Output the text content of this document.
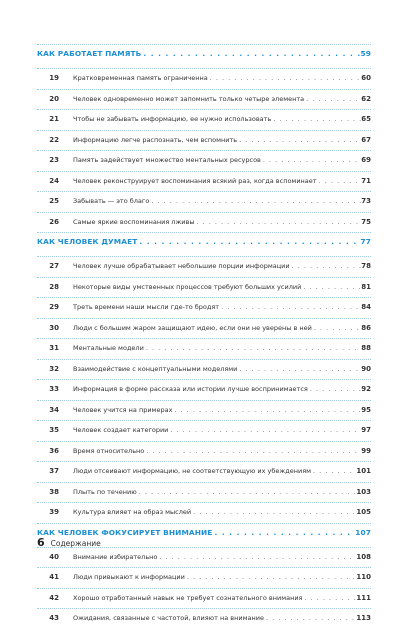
КАК РАБОТАЕТ ПАМЯТЬ . . .	59
19	Кратковременная память ограниченна . . .	60
20	Человек одновременно может запомнить только четыре элемента . . .	62
21	Чтобы не забывать информацию, ее нужно использовать . . .	65
22	Информацию легче распознать, чем вспомнить . . .	67
23	Память задействует множество ментальных ресурсов . . .	69
24	Человек реконструирует воспоминания всякий раз, когда вспоминает . . .	71
25	Забывать — это благо . . .	73
26	Самые яркие воспоминания лживы . . .	75
КАК ЧЕЛОВЕК ДУМАЕТ . . .	77
27	Человек лучше обрабатывает небольшие порции информации . . .	78
28	Некоторые виды умственных процессов требуют больших усилий . . .	81
29	Треть времени наши мысли где-то бродят . . .	84
30	Люди с большим жаром защищают идею, если они не уверены в ней . . .	86
31	Ментальные модели . . .	88
32	Взаимодействие с концептуальными моделями . . .	90
33	Информация в форме рассказа или истории лучше воспринимается . . .	92
34	Человек учится на примерах . . .	95
35	Человек создает категории . . .	97
36	Время относительно . . .	99
37	Люди отсеивают информацию, не соответствующую их убеждениям . . .	101
38	Плыть по течению . . .	103
39	Культура влияет на образ мыслей . . .	105
КАК ЧЕЛОВЕК ФОКУСИРУЕТ ВНИМАНИЕ . . .	107
40	Внимание избирательно . . .	108
41	Люди привыкают к информации . . .	110
42	Хорошо отработанный навык не требует сознательного внимания . . .	111
43	Ожидания, связанные с частотой, влияют на внимание . . .	113
6 Содержание
